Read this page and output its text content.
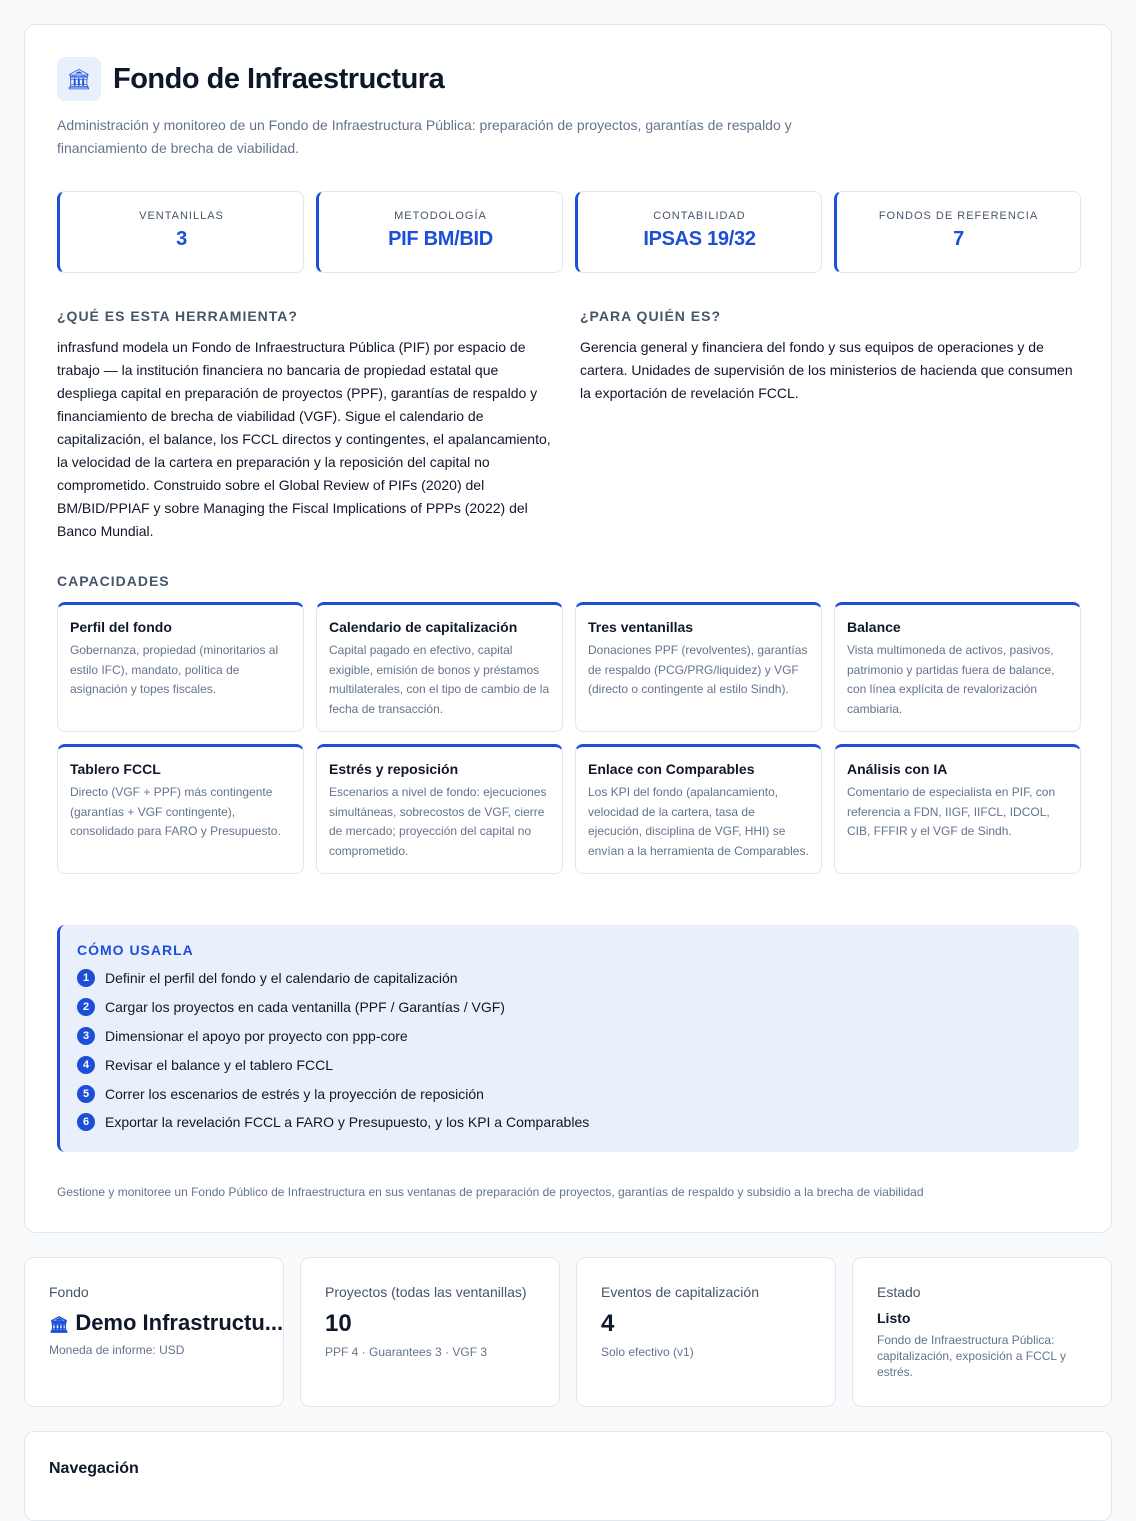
🏛 Fondo de Infraestructura

Administración y monitoreo de un Fondo de Infraestructura Pública: preparación de proyectos, garantías de respaldo y financiamiento de brecha de viabilidad.

VENTANILLAS
3
METODOLOGÍA
PIF BM/BID
CONTABILIDAD
IPSAS 19/32
FONDOS DE REFERENCIA
7
¿QUÉ ES ESTA HERRAMIENTA?

infrasfund modela un Fondo de Infraestructura Pública (PIF) por espacio de trabajo — la institución financiera no bancaria de propiedad estatal que despliega capital en preparación de proyectos (PPF), garantías de respaldo y financiamiento de brecha de viabilidad (VGF). Sigue el calendario de capitalización, el balance, los FCCL directos y contingentes, el apalancamiento, la velocidad de la cartera en preparación y la reposición del capital no comprometido. Construido sobre el Global Review of PIFs (2020) del BM/BID/PPIAF y sobre Managing the Fiscal Implications of PPPs (2022) del Banco Mundial.

¿PARA QUIÉN ES?

Gerencia general y financiera del fondo y sus equipos de operaciones y de cartera. Unidades de supervisión de los ministerios de hacienda que consumen la exportación de revelación FCCL.

CAPACIDADES
Perfil del fondo
Gobernanza, propiedad (minoritarios al estilo IFC), mandato, política de asignación y topes fiscales.
Calendario de capitalización
Capital pagado en efectivo, capital exigible, emisión de bonos y préstamos multilaterales, con el tipo de cambio de la fecha de transacción.
Tres ventanillas
Donaciones PPF (revolventes), garantías de respaldo (PCG/PRG/liquidez) y VGF (directo o contingente al estilo Sindh).
Balance
Vista multimoneda de activos, pasivos, patrimonio y partidas fuera de balance, con línea explícita de revalorización cambiaria.
Tablero FCCL
Directo (VGF + PPF) más contingente (garantías + VGF contingente), consolidado para FARO y Presupuesto.
Estrés y reposición
Escenarios a nivel de fondo: ejecuciones simultáneas, sobrecostos de VGF, cierre de mercado; proyección del capital no comprometido.
Enlace con Comparables
Los KPI del fondo (apalancamiento, velocidad de la cartera, tasa de ejecución, disciplina de VGF, HHI) se envían a la herramienta de Comparables.
Análisis con IA
Comentario de especialista en PIF, con referencia a FDN, IIGF, IIFCL, IDCOL, CIB, FFFIR y el VGF de Sindh.
CÓMO USARLA
1	Definir el perfil del fondo y el calendario de capitalización
2	Cargar los proyectos en cada ventanilla (PPF / Garantías / VGF)
3	Dimensionar el apoyo por proyecto con ppp-core
4	Revisar el balance y el tablero FCCL
5	Correr los escenarios de estrés y la proyección de reposición
6	Exportar la revelación FCCL a FARO y Presupuesto, y los KPI a Comparables

Gestione y monitoree un Fondo Público de Infraestructura en sus ventanas de preparación de proyectos, garantías de respaldo y subsidio a la brecha de viabilidad

Fondo
🏛 Demo Infrastructu...
Moneda de informe: USD
Proyectos (todas las ventanillas)
10
PPF 4 · Guarantees 3 · VGF 3
Eventos de capitalización
4
Solo efectivo (v1)
Estado
Listo
Fondo de Infraestructura Pública: capitalización, exposición a FCCL y estrés.
Navegación
